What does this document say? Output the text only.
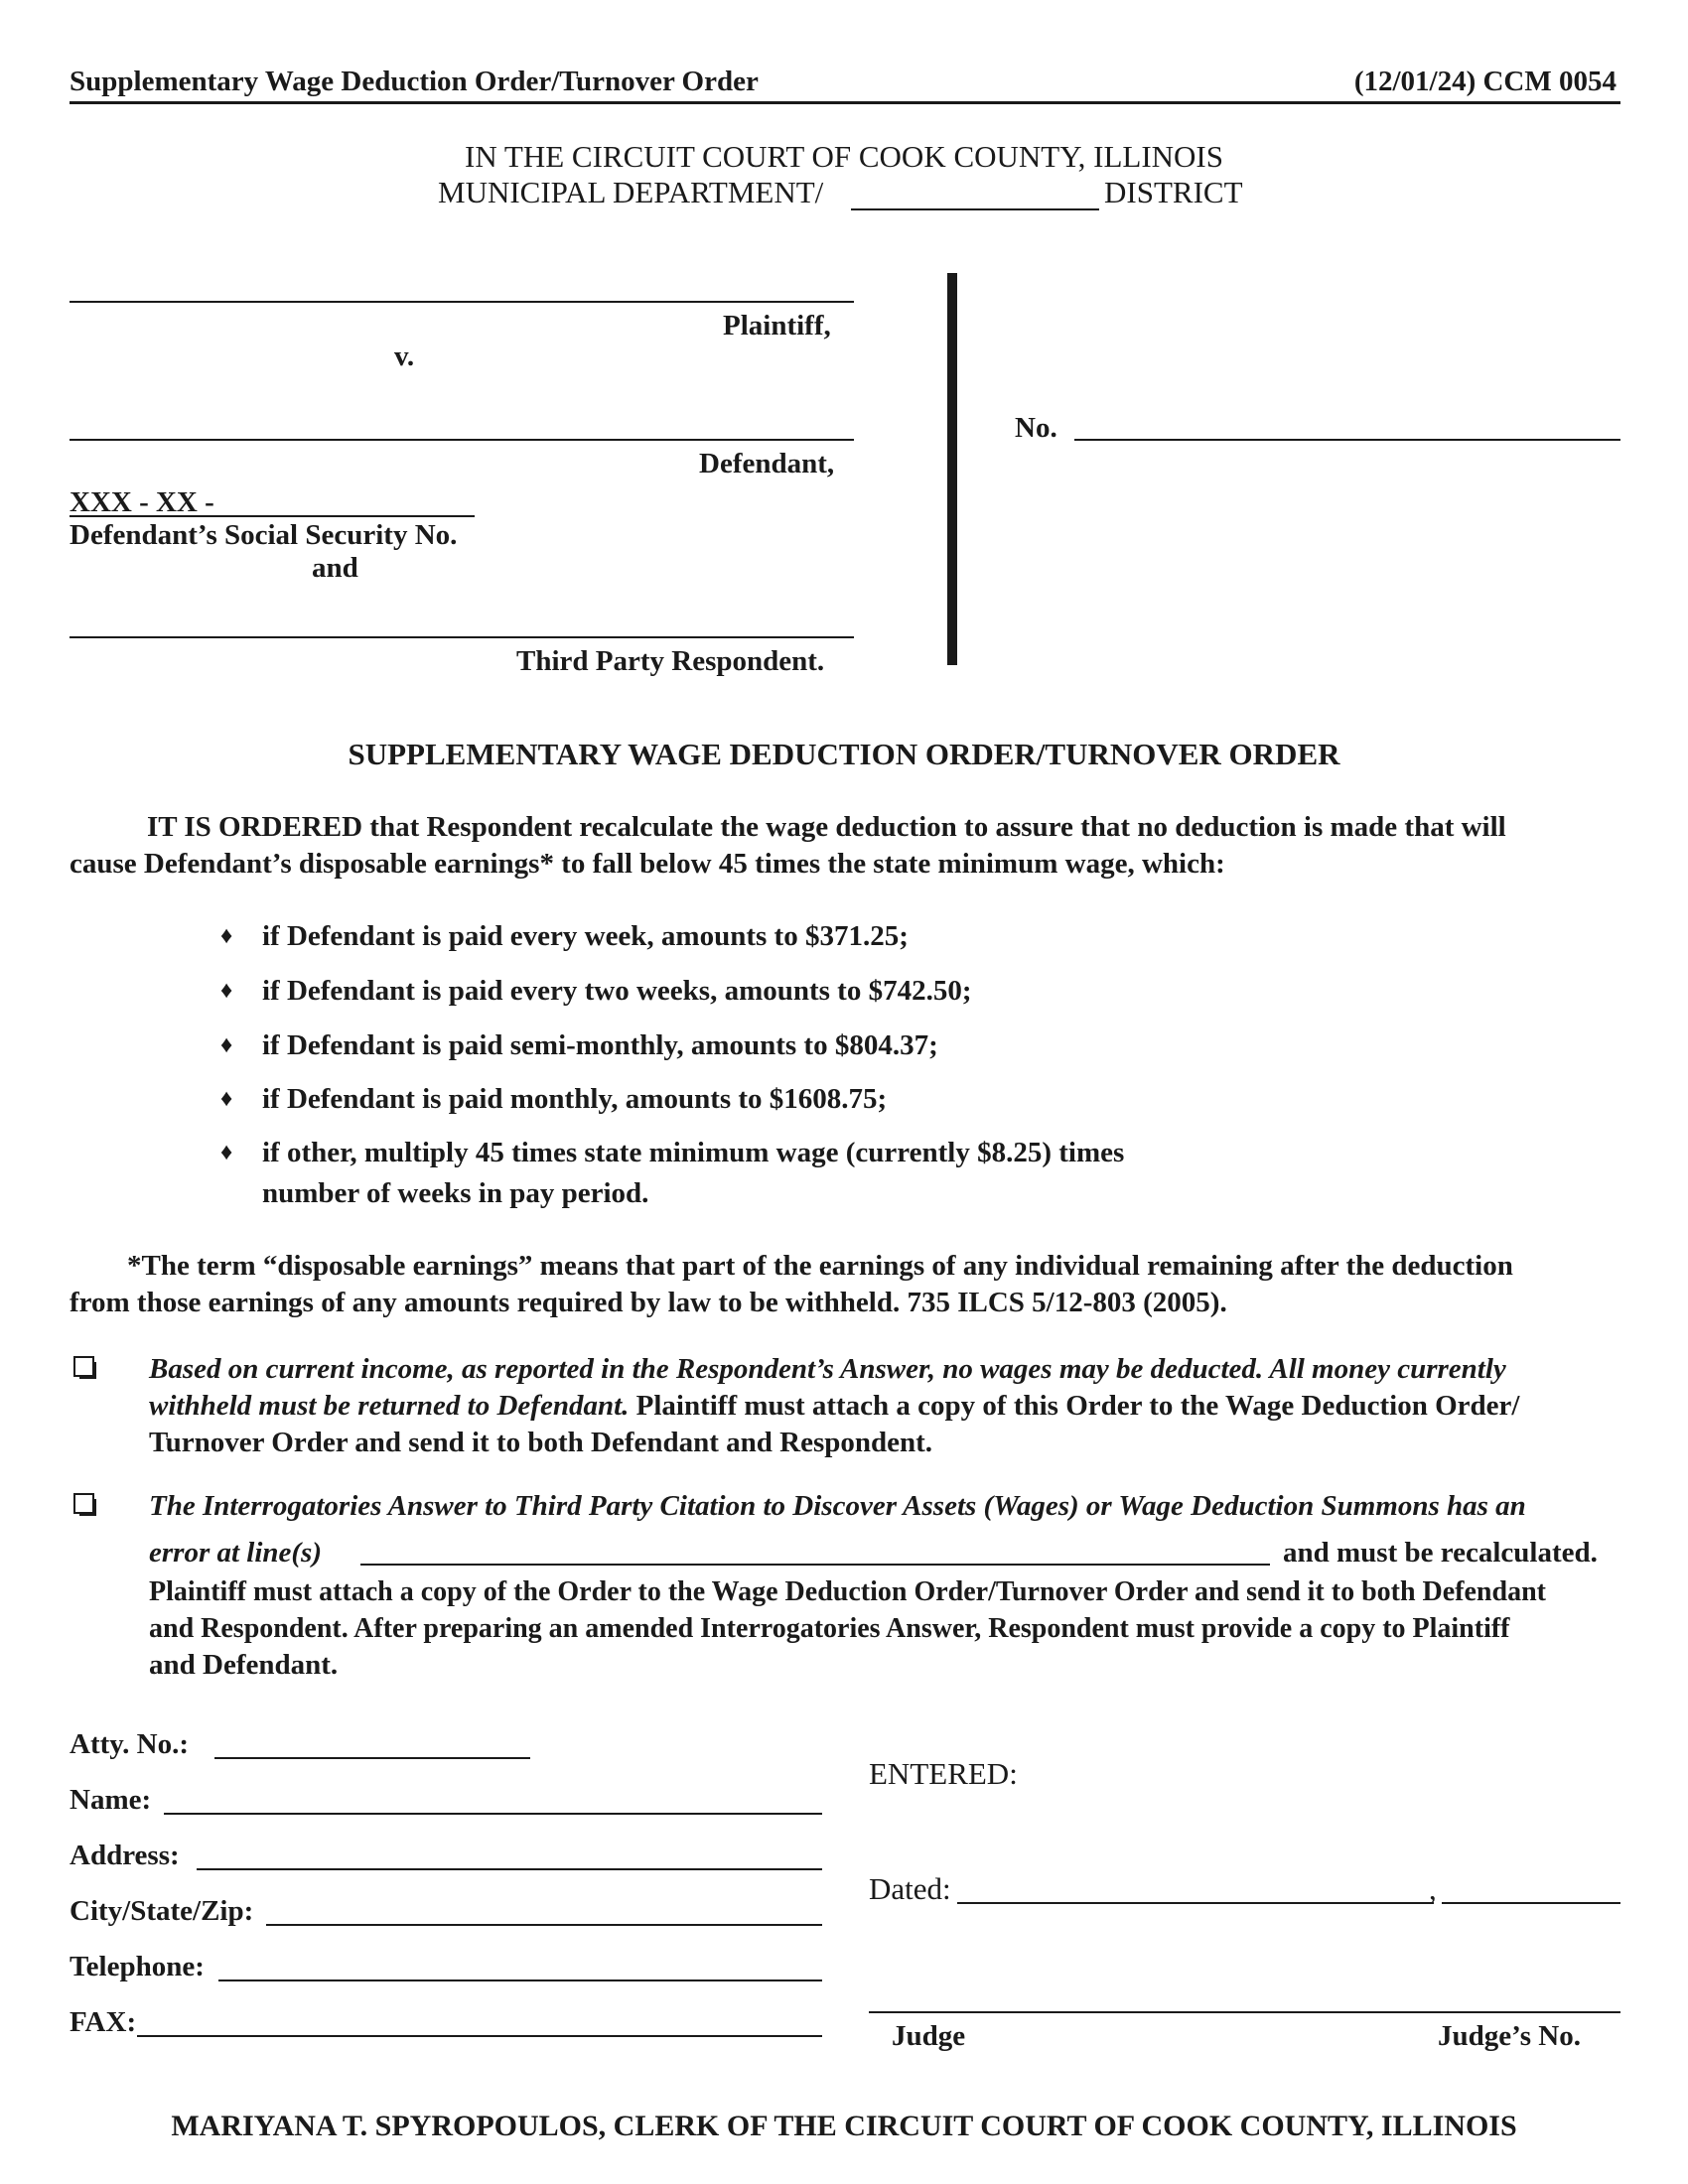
Supplementary Wage Deduction Order/Turnover Order	(12/01/24) CCM 0054
IN THE CIRCUIT COURT OF COOK COUNTY, ILLINOIS
MUNICIPAL DEPARTMENT/	DISTRICT
Plaintiff,
v.
Defendant,
XXX - XX -
Defendant’s Social Security No.
and
Third Party Respondent.
No.
SUPPLEMENTARY WAGE DEDUCTION ORDER/TURNOVER ORDER
IT IS ORDERED that Respondent recalculate the wage deduction to assure that no deduction is made that will
cause Defendant’s disposable earnings* to fall below 45 times the state minimum wage, which:
♦ if Defendant is paid every week, amounts to $371.25;
♦ if Defendant is paid every two weeks, amounts to $742.50;
♦ if Defendant is paid semi-monthly, amounts to $804.37;
♦ if Defendant is paid monthly, amounts to $1608.75;
♦ if other, multiply 45 times state minimum wage (currently $8.25) times
number of weeks in pay period.
*The term “disposable earnings” means that part of the earnings of any individual remaining after the deduction
from those earnings of any amounts required by law to be withheld. 735 ILCS 5/12-803 (2005).
Based on current income, as reported in the Respondent’s Answer, no wages may be deducted. All money currently
withheld must be returned to Defendant. Plaintiff must attach a copy of this Order to the Wage Deduction Order/
Turnover Order and send it to both Defendant and Respondent.
The Interrogatories Answer to Third Party Citation to Discover Assets (Wages) or Wage Deduction Summons has an
error at line(s)	and must be recalculated.
Plaintiff must attach a copy of the Order to the Wage Deduction Order/Turnover Order and send it to both Defendant
and Respondent. After preparing an amended Interrogatories Answer, Respondent must provide a copy to Plaintiff
and Defendant.
Atty. No.:
Name:
Address:
City/State/Zip:
Telephone:
FAX:
ENTERED:
Dated:	,
Judge	Judge’s No.
MARIYANA T. SPYROPOULOS, CLERK OF THE CIRCUIT COURT OF COOK COUNTY, ILLINOIS
